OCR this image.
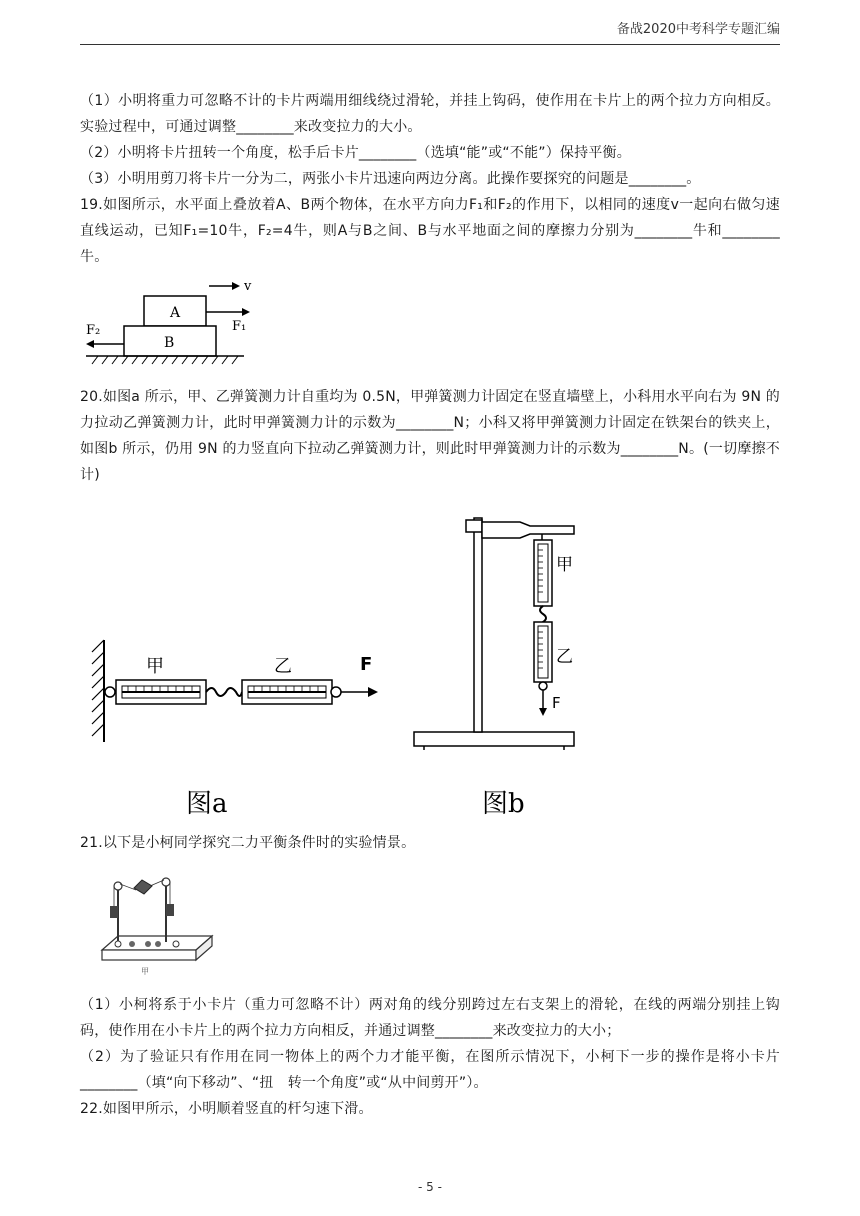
备战2020中考科学专题汇编

（1）小明将重力可忽略不计的卡片两端用细线绕过滑轮，并挂上钩码，使作用在卡片上的两个拉力方向相反。实验过程中，可通过调整________来改变拉力的大小。

（2）小明将卡片扭转一个角度，松手后卡片________（选填“能”或“不能”）保持平衡。

（3）小明用剪刀将卡片一分为二，两张小卡片迅速向两边分离。此操作要探究的问题是________。

19.如图所示，水平面上叠放着A、B两个物体，在水平方向力F₁和F₂的作用下，以相同的速度v一起向右做匀速直线运动，已知F₁=10牛，F₂=4牛，则A与B之间、B与水平地面之间的摩擦力分别为________牛和________牛。

v
A
F₁
B
F₂

20.如图a 所示，甲、乙弹簧测力计自重均为 0.5N，甲弹簧测力计固定在竖直墙壁上，小科用水平向右为 9N 的力拉动乙弹簧测力计，此时甲弹簧测力计的示数为________N；小科又将甲弹簧测力计固定在铁架台的铁夹上，如图b 所示，仍用 9N 的力竖直向下拉动乙弹簧测力计，则此时甲弹簧测力计的示数为________N。(一切摩擦不计)

甲	乙	F
图a
甲
乙
F
图b

21.以下是小柯同学探究二力平衡条件时的实验情景。

甲

（1）小柯将系于小卡片（重力可忽略不计）两对角的线分别跨过左右支架上的滑轮，在线的两端分别挂上钩码，使作用在小卡片上的两个拉力方向相反，并通过调整________来改变拉力的大小；

（2）为了验证只有作用在同一物体上的两个力才能平衡，在图所示情况下，小柯下一步的操作是将小卡片________（填“向下移动”、“扭　转一个角度”或“从中间剪开”）。

22.如图甲所示，小明顺着竖直的杆匀速下滑。

- 5 -
